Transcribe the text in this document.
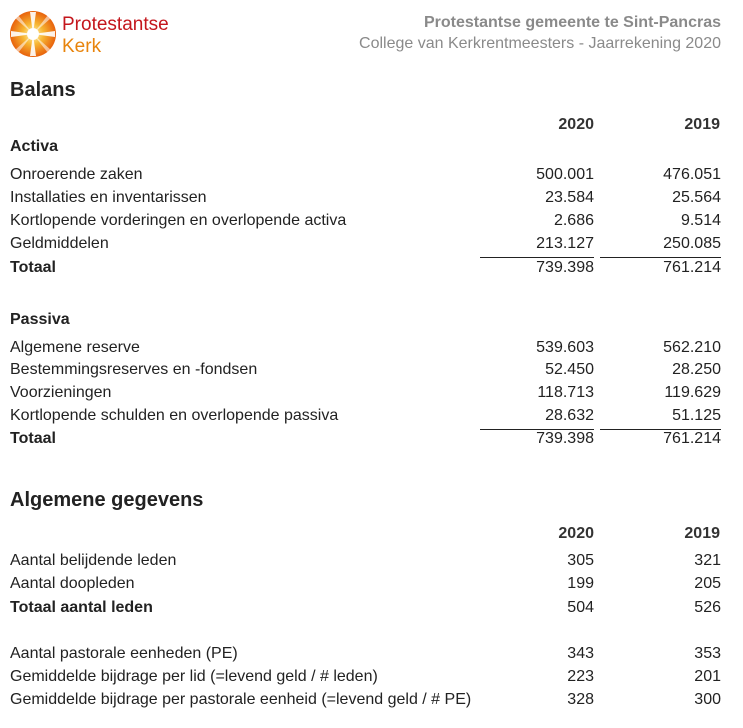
Protestantse
Kerk
Protestantse gemeente te Sint-Pancras
College van Kerkrentmeesters - Jaarrekening 2020
Balans
2020	2019
Activa
Onroerende zaken	500.001	476.051
Installaties en inventarissen	23.584	25.564
Kortlopende vorderingen en overlopende activa	2.686	9.514
Geldmiddelen	213.127	250.085
Totaal	739.398	761.214
Passiva
Algemene reserve	539.603	562.210
Bestemmingsreserves en -fondsen	52.450	28.250
Voorzieningen	118.713	119.629
Kortlopende schulden en overlopende passiva	28.632	51.125
Totaal	739.398	761.214
Algemene gegevens
2020	2019
Aantal belijdende leden	305	321
Aantal doopleden	199	205
Totaal aantal leden	504	526
Aantal pastorale eenheden (PE)	343	353
Gemiddelde bijdrage per lid (=levend geld / # leden)	223	201
Gemiddelde bijdrage per pastorale eenheid (=levend geld / # PE)	328	300
